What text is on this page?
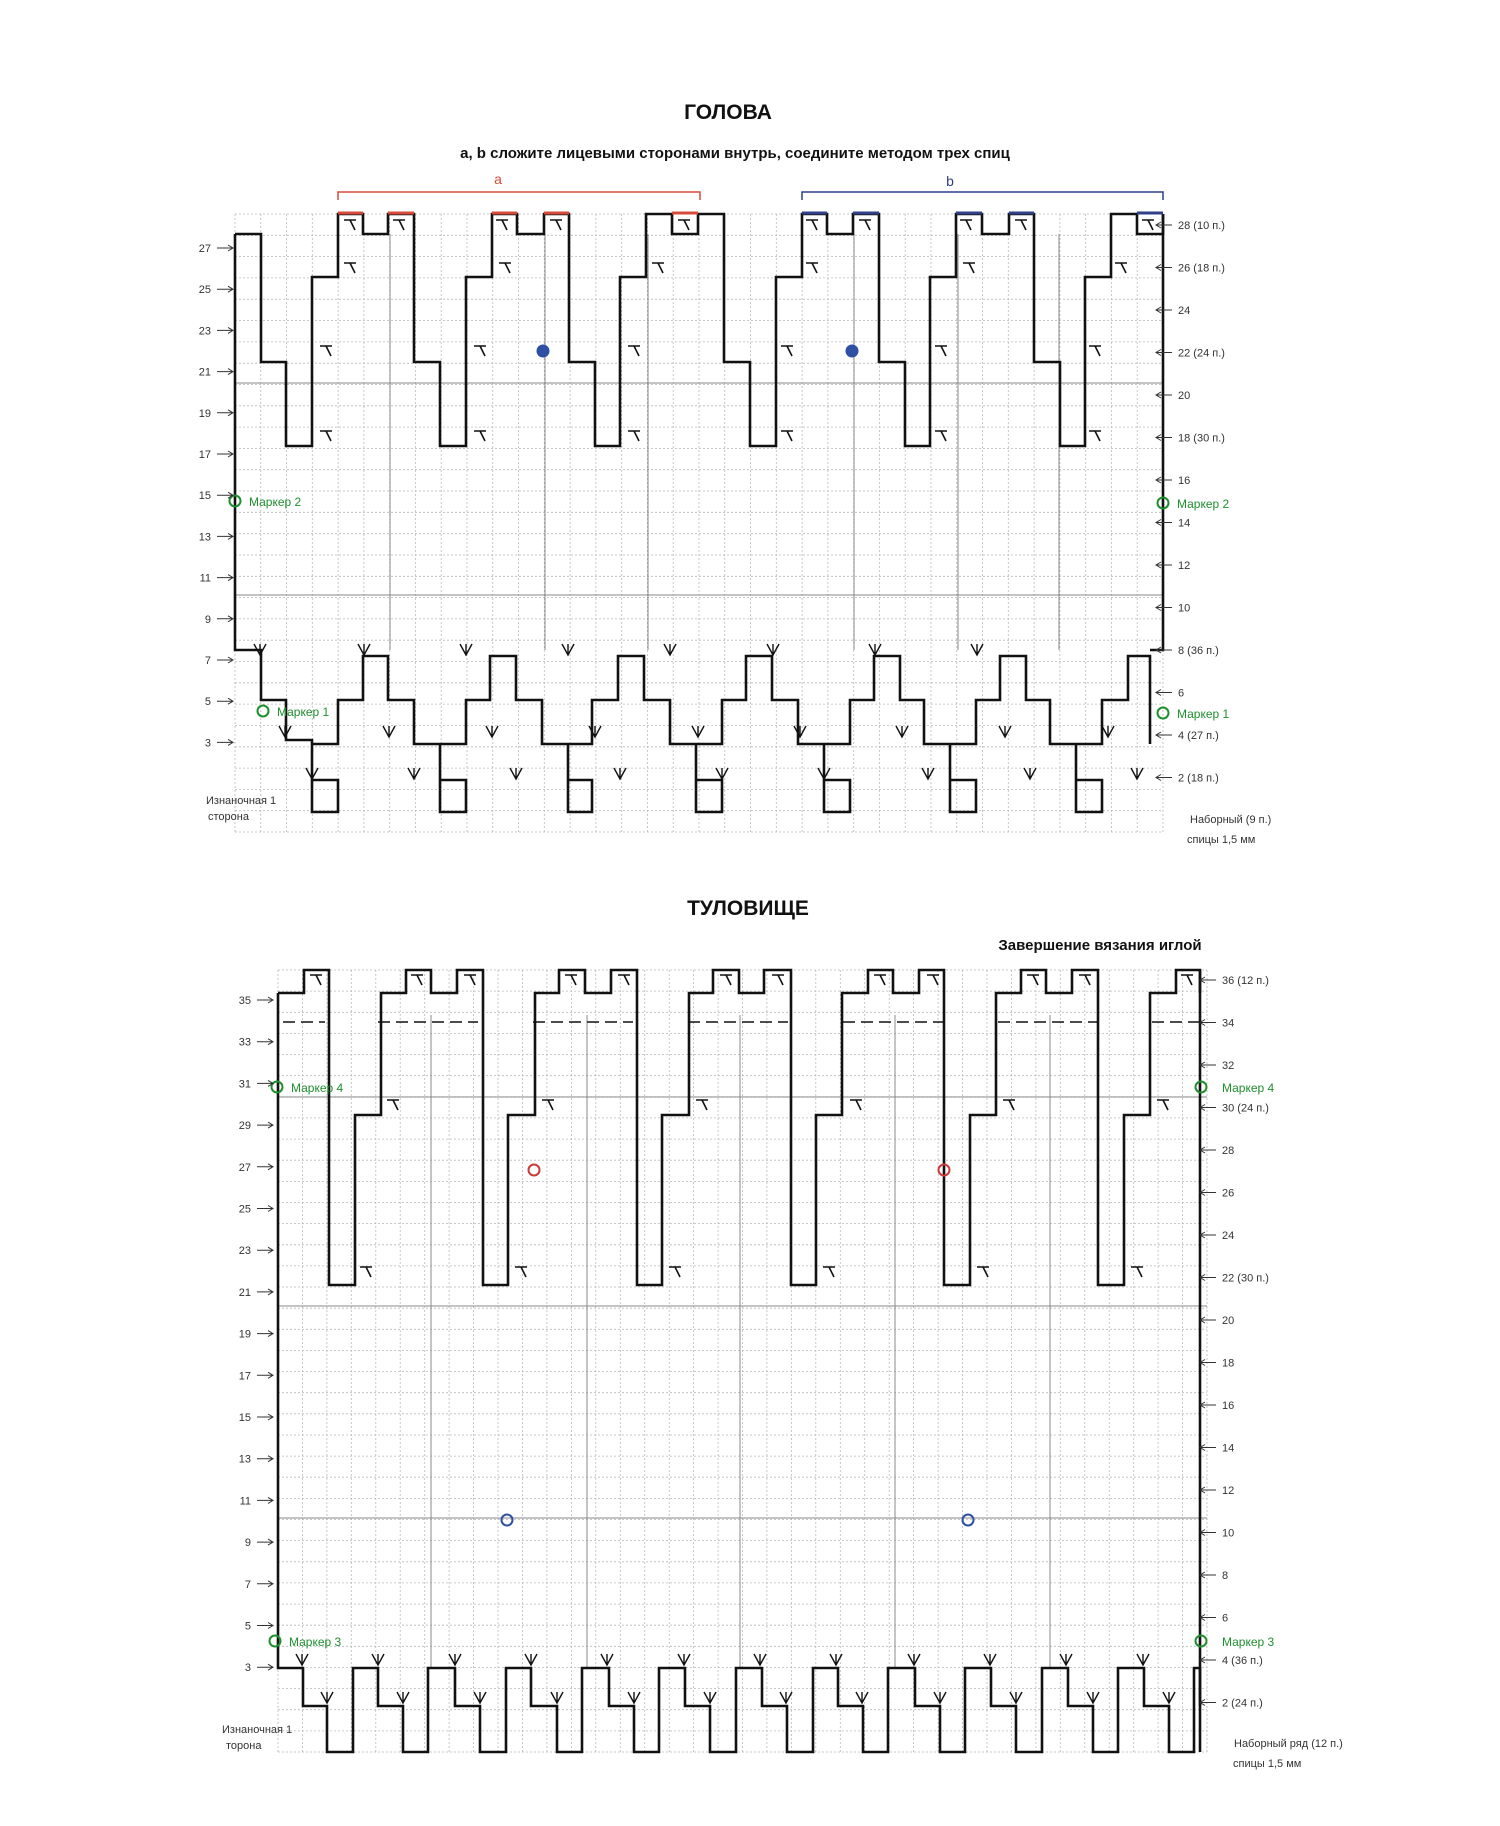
ГОЛОВА
a, b сложите лицевыми сторонами внутрь, соедините методом трех спиц
a	b
27
25
23
21
19
17
15
13
11
9
7
5
3
28 (10 п.)
26 (18 п.)
24
22 (24 п.)
20
18 (30 п.)
16
14
12
10
8 (36 п.)
6
4 (27 п.)
2 (18 п.)
Маркер 2	Маркер 2
Маркер 1	Маркер 1
Изнаночная 1
сторона	Наборный (9 п.)
спицы 1,5 мм
ТУЛОВИЩЕ
Завершение вязания иглой
35
33
31
29
27
25
23
21
19
17
15
13
11
9
7
5
3
36 (12 п.)
34
32
30 (24 п.)
28
26
24
22 (30 п.)
20
18
16
14
12
10
8
6
4 (36 п.)
2 (24 п.)
Маркер 4	Маркер 4
Маркер 3	Маркер 3
Изнаночная 1
торона	Наборный ряд (12 п.)
спицы 1,5 мм
